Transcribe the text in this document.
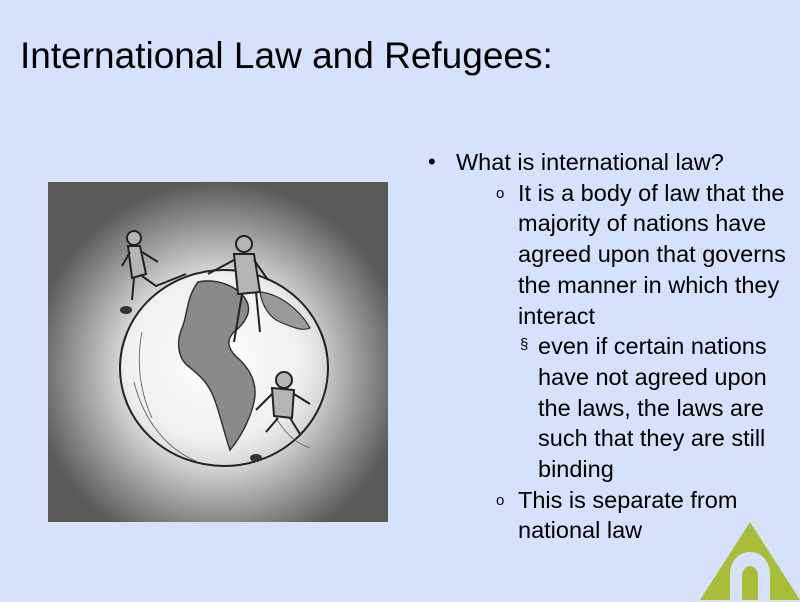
International Law and Refugees:
• What is international law?
o It is a body of law that the majority of nations have agreed upon that governs the manner in which they interact
§ even if certain nations have not agreed upon the laws, the laws are such that they are still binding
o This is separate from national law
